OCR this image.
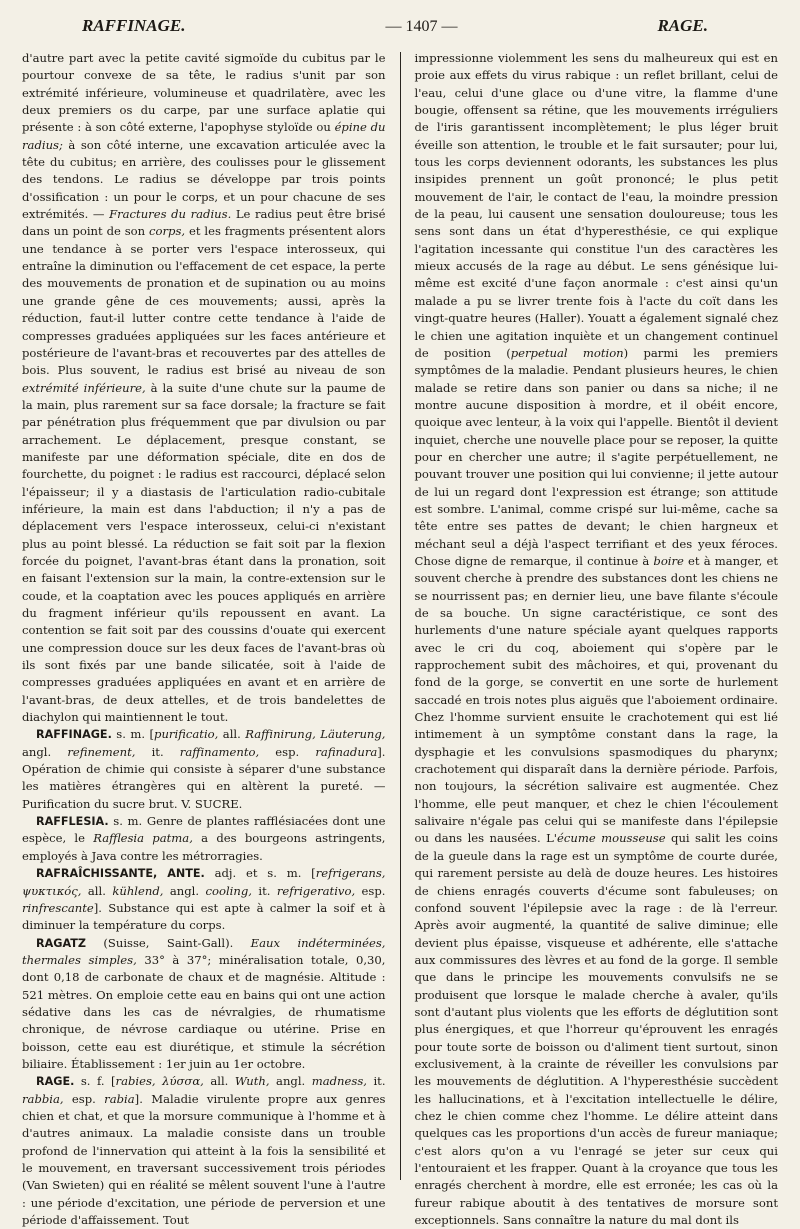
RAFFINAGE.	— 1407 —	RAGE.

d'autre part avec la petite cavité sigmoïde du cubitus par le pourtour convexe de sa tête, le radius s'unit par son extrémité inférieure, volumineuse et quadrilatère, avec les deux premiers os du carpe, par une surface aplatie qui présente : à son côté externe, l'apophyse styloïde ou épine du radius; à son côté interne, une excavation articulée avec la tête du cubitus; en arrière, des coulisses pour le glissement des tendons. Le radius se développe par trois points d'ossification : un pour le corps, et un pour chacune de ses extrémités. — Fractures du radius. Le radius peut être brisé dans un point de son corps, et les fragments présentent alors une tendance à se porter vers l'espace interosseux, qui entraîne la diminution ou l'effacement de cet espace, la perte des mouvements de pronation et de supination ou au moins une grande gêne de ces mouvements; aussi, après la réduction, faut-il lutter contre cette tendance à l'aide de compresses graduées appliquées sur les faces antérieure et postérieure de l'avant-bras et recouvertes par des attelles de bois. Plus souvent, le radius est brisé au niveau de son extrémité inférieure, à la suite d'une chute sur la paume de la main, plus rarement sur sa face dorsale; la fracture se fait par pénétration plus fréquemment que par divulsion ou par arrachement. Le déplacement, presque constant, se manifeste par une déformation spéciale, dite en dos de fourchette, du poignet : le radius est raccourci, déplacé selon l'épaisseur; il y a diastasis de l'articulation radio-cubitale inférieure, la main est dans l'abduction; il n'y a pas de déplacement vers l'espace interosseux, celui-ci n'existant plus au point blessé. La réduction se fait soit par la flexion forcée du poignet, l'avant-bras étant dans la pronation, soit en faisant l'extension sur la main, la contre-extension sur le coude, et la coaptation avec les pouces appliqués en arrière du fragment inférieur qu'ils repoussent en avant. La contention se fait soit par des coussins d'ouate qui exercent une compression douce sur les deux faces de l'avant-bras où ils sont fixés par une bande silicatée, soit à l'aide de compresses graduées appliquées en avant et en arrière de l'avant-bras, de deux attelles, et de trois bandelettes de diachylon qui maintiennent le tout.

RAFFINAGE. s. m. [purificatio, all. Raffinirung, Läuterung, angl. refinement, it. raffinamento, esp. rafinadura]. Opération de chimie qui consiste à séparer d'une substance les matières étrangères qui en altèrent la pureté. — Purification du sucre brut. V. SUCRE.

RAFFLESIA. s. m. Genre de plantes rafflésiacées dont une espèce, le Rafflesia patma, a des bourgeons astringents, employés à Java contre les métrorragies.

RAFRAÎCHISSANTE, ANTE. adj. et s. m. [refrigerans, ψυκτικός, all. kühlend, angl. cooling, it. refrigerativo, esp. rinfrescante]. Substance qui est apte à calmer la soif et à diminuer la température du corps.

RAGATZ (Suisse, Saint-Gall). Eaux indéterminées, thermales simples, 33° à 37°; minéralisation totale, 0,30, dont 0,18 de carbonate de chaux et de magnésie. Altitude : 521 mètres. On emploie cette eau en bains qui ont une action sédative dans les cas de névralgies, de rhumatisme chronique, de névrose cardiaque ou utérine. Prise en boisson, cette eau est diurétique, et stimule la sécrétion biliaire. Établissement : 1er juin au 1er octobre.

RAGE. s. f. [rabies, λύσσα, all. Wuth, angl. madness, it. rabbia, esp. rabia]. Maladie virulente propre aux genres chien et chat, et que la morsure communique à l'homme et à d'autres animaux. La maladie consiste dans un trouble profond de l'innervation qui atteint à la fois la sensibilité et le mouvement, en traversant successivement trois périodes (Van Swieten) qui en réalité se mêlent souvent l'une à l'autre : une période d'excitation, une période de perversion et une période d'affaissement. Tout

impressionne violemment les sens du malheureux qui est en proie aux effets du virus rabique : un reflet brillant, celui de l'eau, celui d'une glace ou d'une vitre, la flamme d'une bougie, offensent sa rétine, que les mouvements irréguliers de l'iris garantissent incomplètement; le plus léger bruit éveille son attention, le trouble et le fait sursauter; pour lui, tous les corps deviennent odorants, les substances les plus insipides prennent un goût prononcé; le plus petit mouvement de l'air, le contact de l'eau, la moindre pression de la peau, lui causent une sensation douloureuse; tous les sens sont dans un état d'hyperesthésie, ce qui explique l'agitation incessante qui constitue l'un des caractères les mieux accusés de la rage au début. Le sens génésique lui-même est excité d'une façon anormale : c'est ainsi qu'un malade a pu se livrer trente fois à l'acte du coït dans les vingt-quatre heures (Haller). Youatt a également signalé chez le chien une agitation inquiète et un changement continuel de position (perpetual motion) parmi les premiers symptômes de la maladie. Pendant plusieurs heures, le chien malade se retire dans son panier ou dans sa niche; il ne montre aucune disposition à mordre, et il obéit encore, quoique avec lenteur, à la voix qui l'appelle. Bientôt il devient inquiet, cherche une nouvelle place pour se reposer, la quitte pour en chercher une autre; il s'agite perpétuellement, ne pouvant trouver une position qui lui convienne; il jette autour de lui un regard dont l'expression est étrange; son attitude est sombre. L'animal, comme crispé sur lui-même, cache sa tête entre ses pattes de devant; le chien hargneux et méchant seul a déjà l'aspect terrifiant et des yeux féroces. Chose digne de remarque, il continue à boire et à manger, et souvent cherche à prendre des substances dont les chiens ne se nourrissent pas; en dernier lieu, une bave filante s'écoule de sa bouche. Un signe caractéristique, ce sont des hurlements d'une nature spéciale ayant quelques rapports avec le cri du coq, aboiement qui s'opère par le rapprochement subit des mâchoires, et qui, provenant du fond de la gorge, se convertit en une sorte de hurlement saccadé en trois notes plus aiguës que l'aboiement ordinaire. Chez l'homme survient ensuite le crachotement qui est lié intimement à un symptôme constant dans la rage, la dysphagie et les convulsions spasmodiques du pharynx; crachotement qui disparaît dans la dernière période. Parfois, non toujours, la sécrétion salivaire est augmentée. Chez l'homme, elle peut manquer, et chez le chien l'écoulement salivaire n'égale pas celui qui se manifeste dans l'épilepsie ou dans les nausées. L'écume mousseuse qui salit les coins de la gueule dans la rage est un symptôme de courte durée, qui rarement persiste au delà de douze heures. Les histoires de chiens enragés couverts d'écume sont fabuleuses; on confond souvent l'épilepsie avec la rage : de là l'erreur. Après avoir augmenté, la quantité de salive diminue; elle devient plus épaisse, visqueuse et adhérente, elle s'attache aux commissures des lèvres et au fond de la gorge. Il semble que dans le principe les mouvements convulsifs ne se produisent que lorsque le malade cherche à avaler, qu'ils sont d'autant plus violents que les efforts de déglutition sont plus énergiques, et que l'horreur qu'éprouvent les enragés pour toute sorte de boisson ou d'aliment tient surtout, sinon exclusivement, à la crainte de réveiller les convulsions par les mouvements de déglutition. A l'hyperesthésie succèdent les hallucinations, et à l'excitation intellectuelle le délire, chez le chien comme chez l'homme. Le délire atteint dans quelques cas les proportions d'un accès de fureur maniaque; c'est alors qu'on a vu l'enragé se jeter sur ceux qui l'entouraient et les frapper. Quant à la croyance que tous les enragés cherchent à mordre, elle est erronée; les cas où la fureur rabique aboutit à des tentatives de morsure sont exceptionnels. Sans connaître la nature du mal dont ils
